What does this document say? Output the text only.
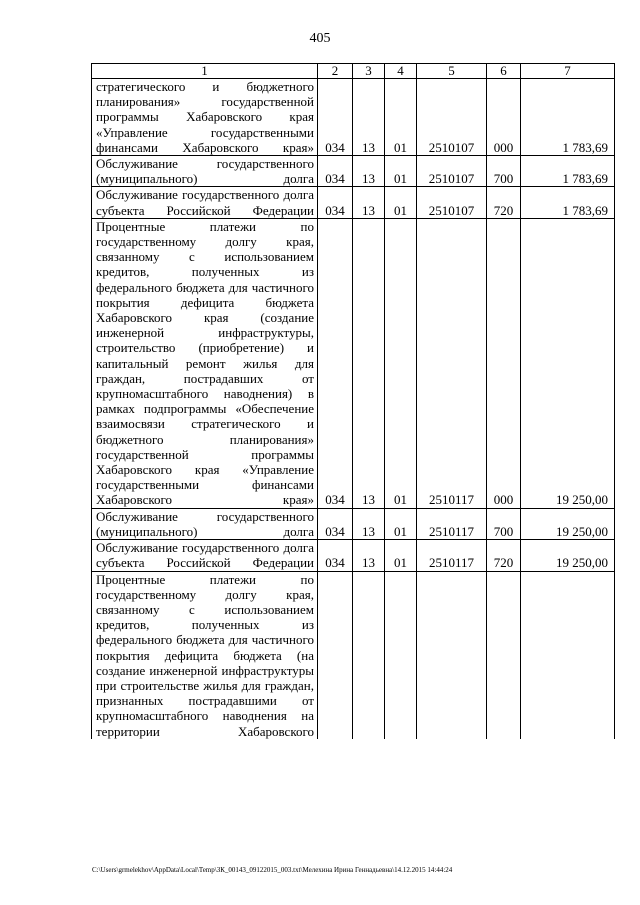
405
1	2	3	4	5	6	7
стратегического и бюджетного планирования» государственной программы Хабаровского края «Управление государственными финансами Хабаровского края»	034	13	01	2510107	000	1 783,69
Обслуживание государственного (муниципального) долга	034	13	01	2510107	700	1 783,69
Обслуживание государственного долга субъекта Российской Федерации	034	13	01	2510107	720	1 783,69
Процентные платежи по государственному долгу края, связанному с использованием кредитов, полученных из федерального бюджета для частичного покрытия дефицита бюджета Хабаровского края (создание инженерной инфраструктуры, строительство (приобретение) и капитальный ремонт жилья для граждан, пострадавших от крупномасштабного наводнения) в рамках подпрограммы «Обеспечение взаимосвязи стратегического и бюджетного планирования» государственной программы Хабаровского края «Управление государственными финансами Хабаровского края»	034	13	01	2510117	000	19 250,00
Обслуживание государственного (муниципального) долга	034	13	01	2510117	700	19 250,00
Обслуживание государственного долга субъекта Российской Федерации	034	13	01	2510117	720	19 250,00
Процентные платежи по государственному долгу края, связанному с использованием кредитов, полученных из федерального бюджета для частичного покрытия дефицита бюджета (на создание инженерной инфраструктуры при строительстве жилья для граждан, признанных пострадавшими от крупномасштабного наводнения на территории Хабаровского						
C:\Users\grmelekhov\AppData\Local\Temp\ЗК_00143_09122015_003.txt\Мелехина Ирина Геннадьевна\14.12.2015 14:44:24
